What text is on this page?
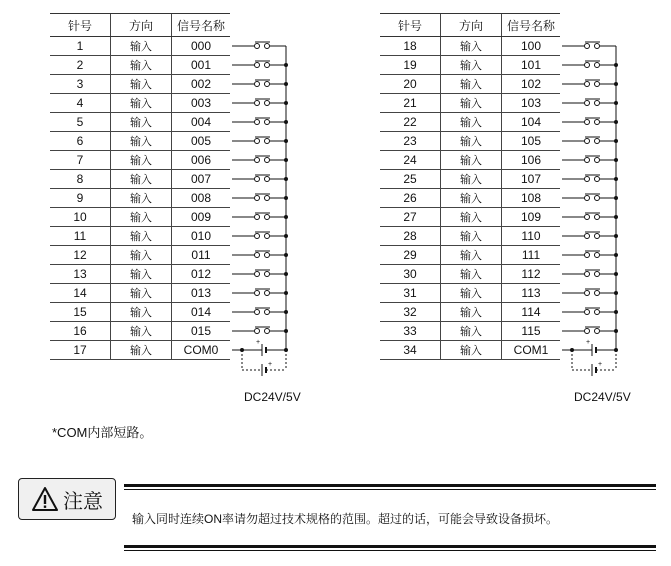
针号	方向	信号名称
1	输入	000
2	输入	001
3	输入	002
4	输入	003
5	输入	004
6	输入	005
7	输入	006
8	输入	007
9	输入	008
10	输入	009
11	输入	010
12	输入	011
13	输入	012
14	输入	013
15	输入	014
16	输入	015
17	输入	COM0
针号	方向	信号名称
18	输入	100
19	输入	101
20	输入	102
21	输入	103
22	输入	104
23	输入	105
24	输入	106
25	输入	107
26	输入	108
27	输入	109
28	输入	110
29	输入	111
30	输入	112
31	输入	113
32	输入	114
33	输入	115
34	输入	COM1
+
+
+
+
DC24V/5V	DC24V/5V
*COM内部短路。
注意
输入同时连续ON率请勿超过技术规格的范围。超过的话，可能会导致设备损坏。
